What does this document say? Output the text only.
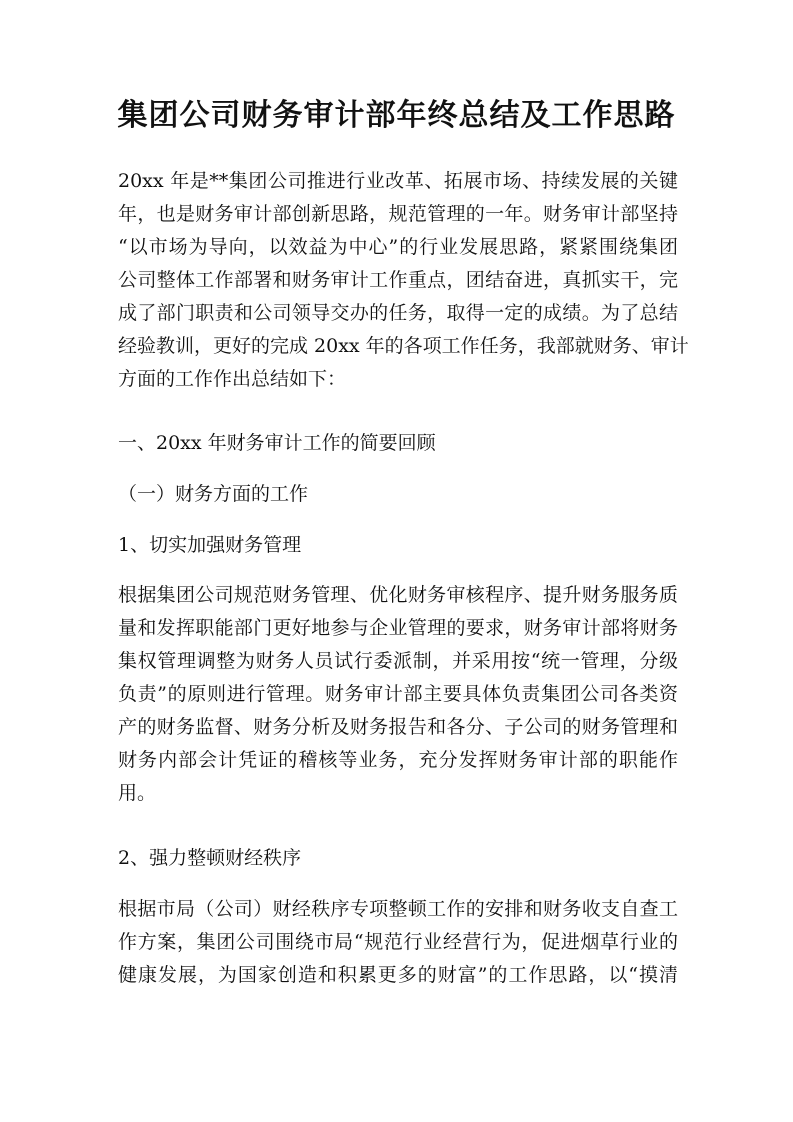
集团公司财务审计部年终总结及工作思路
20xx 年是**集团公司推进行业改革、拓展市场、持续发展的关键
年，也是财务审计部创新思路，规范管理的一年。财务审计部坚持
“以市场为导向，以效益为中心”的行业发展思路，紧紧围绕集团
公司整体工作部署和财务审计工作重点，团结奋进，真抓实干，完
成了部门职责和公司领导交办的任务，取得一定的成绩。为了总结
经验教训，更好的完成 20xx 年的各项工作任务，我部就财务、审计
方面的工作作出总结如下：
一、20xx 年财务审计工作的简要回顾
（一）财务方面的工作
1、切实加强财务管理
根据集团公司规范财务管理、优化财务审核程序、提升财务服务质
量和发挥职能部门更好地参与企业管理的要求，财务审计部将财务
集权管理调整为财务人员试行委派制，并采用按“统一管理，分级
负责”的原则进行管理。财务审计部主要具体负责集团公司各类资
产的财务监督、财务分析及财务报告和各分、子公司的财务管理和
财务内部会计凭证的稽核等业务，充分发挥财务审计部的职能作
用。
2、强力整顿财经秩序
根据市局（公司）财经秩序专项整顿工作的安排和财务收支自查工
作方案，集团公司围绕市局“规范行业经营行为，促进烟草行业的
健康发展，为国家创造和积累更多的财富”的工作思路，以“摸清
